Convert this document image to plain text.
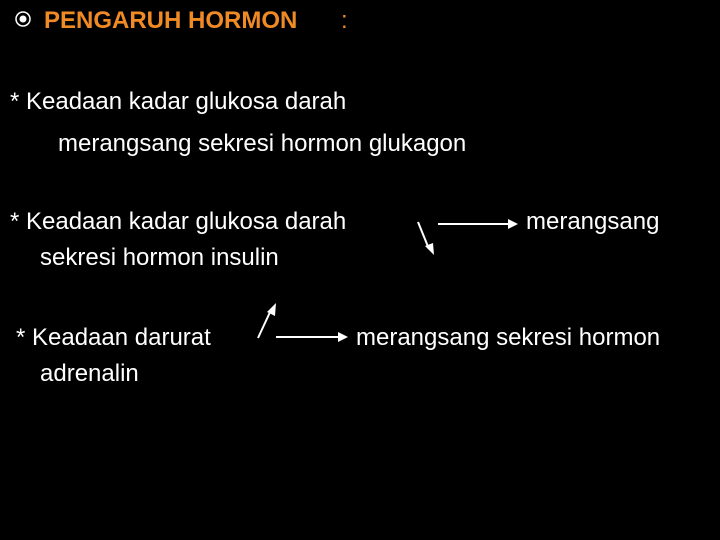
PENGARUH HORMON :
* Keadaan kadar glukosa darah
merangsang sekresi hormon glukagon
* Keadaan kadar glukosa darah	merangsang
sekresi hormon insulin
* Keadaan darurat	merangsang sekresi hormon
adrenalin
